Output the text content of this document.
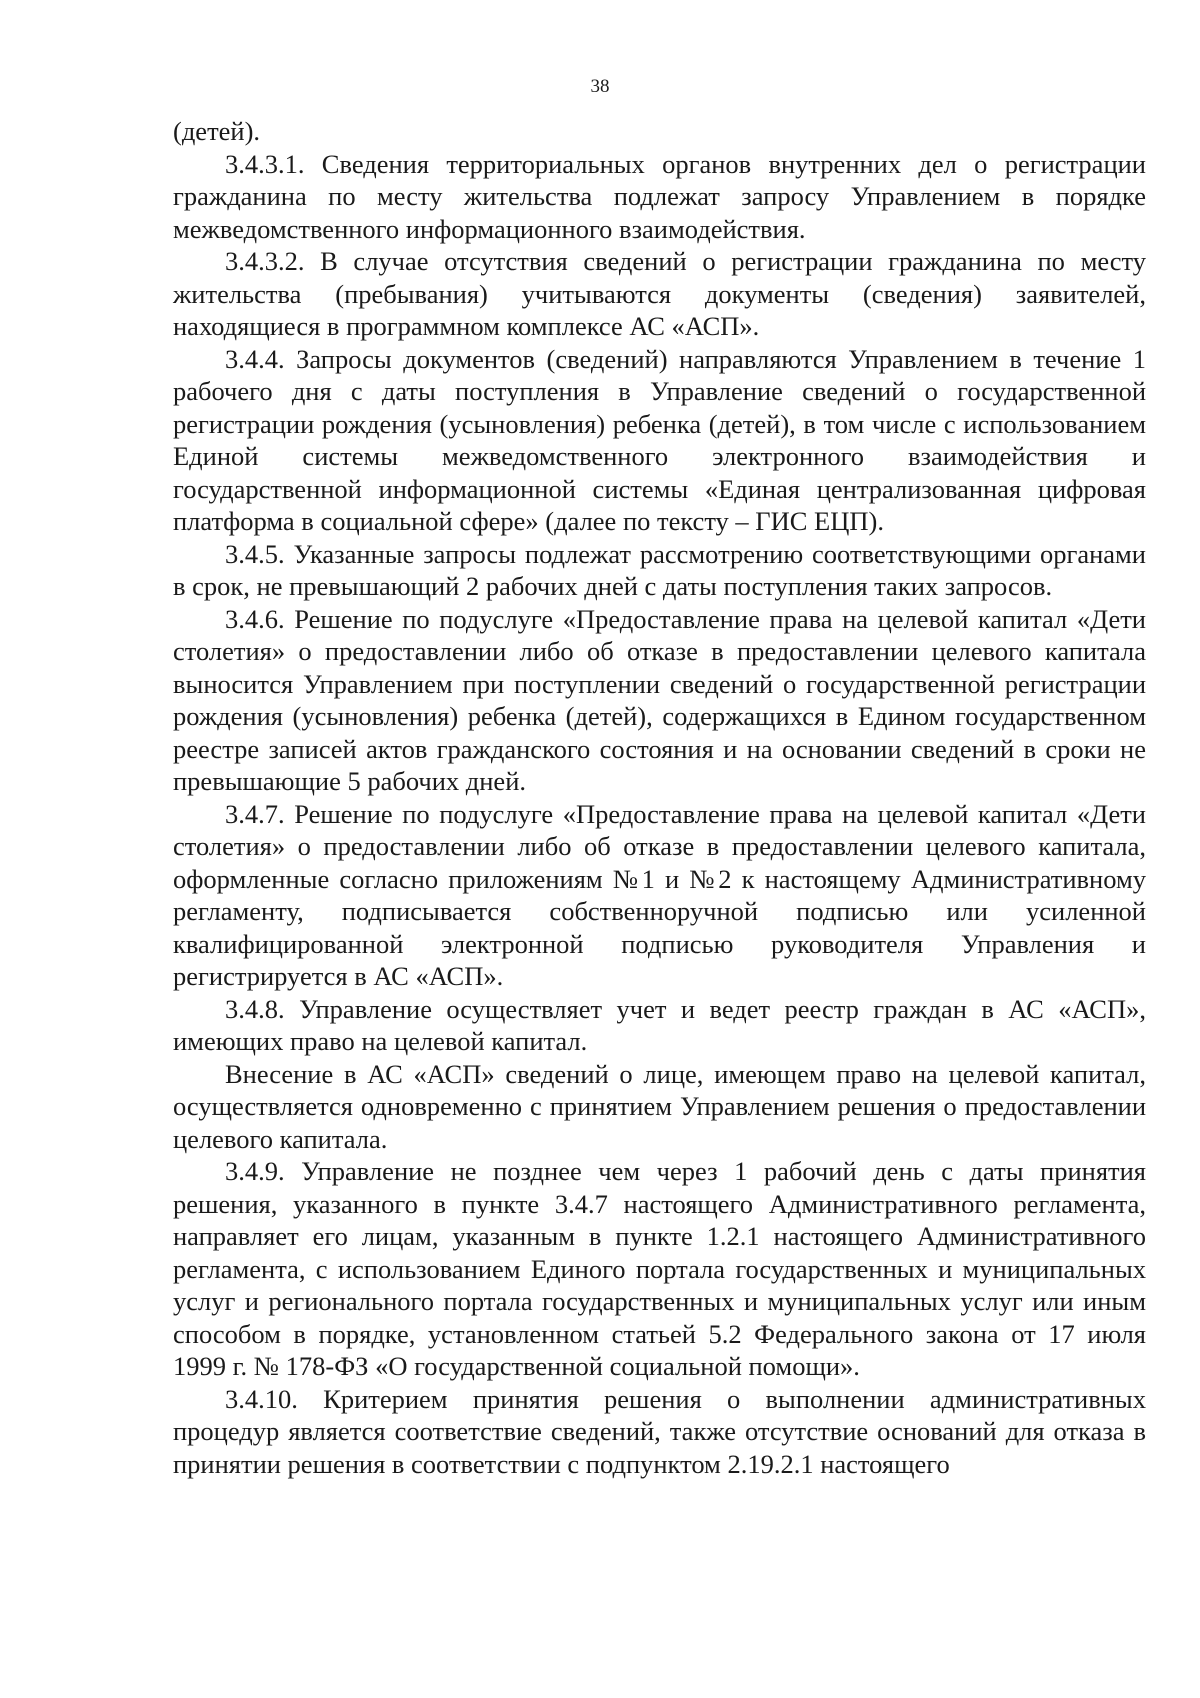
38

(детей).

3.4.3.1. Сведения территориальных органов внутренних дел о регистрации гражданина по месту жительства подлежат запросу Управлением в порядке межведомственного информационного взаимодействия.

3.4.3.2. В случае отсутствия сведений о регистрации гражданина по месту жительства (пребывания) учитываются документы (сведения) заявителей, находящиеся в программном комплексе АС «АСП».

3.4.4. Запросы документов (сведений) направляются Управлением в течение 1 рабочего дня с даты поступления в Управление сведений о государственной регистрации рождения (усыновления) ребенка (детей), в том числе с использованием Единой системы межведомственного электронного взаимодействия и государственной информационной системы «Единая централизованная цифровая платформа в социальной сфере» (далее по тексту – ГИС ЕЦП).

3.4.5. Указанные запросы подлежат рассмотрению соответствующими органами в срок, не превышающий 2 рабочих дней с даты поступления таких запросов.

3.4.6. Решение по подуслуге «Предоставление права на целевой капитал «Дети столетия» о предоставлении либо об отказе в предоставлении целевого капитала выносится Управлением при поступлении сведений о государственной регистрации рождения (усыновления) ребенка (детей), содержащихся в Едином государственном реестре записей актов гражданского состояния и на основании сведений в сроки не превышающие 5 рабочих дней.

3.4.7. Решение по подуслуге «Предоставление права на целевой капитал «Дети столетия» о предоставлении либо об отказе в предоставлении целевого капитала, оформленные согласно приложениям №1 и №2 к настоящему Административному регламенту, подписывается собственноручной подписью или усиленной квалифицированной электронной подписью руководителя Управления и регистрируется в АС «АСП».

3.4.8. Управление осуществляет учет и ведет реестр граждан в АС «АСП», имеющих право на целевой капитал.

Внесение в АС «АСП» сведений о лице, имеющем право на целевой капитал, осуществляется одновременно с принятием Управлением решения о предоставлении целевого капитала.

3.4.9. Управление не позднее чем через 1 рабочий день с даты принятия решения, указанного в пункте 3.4.7 настоящего Административного регламента, направляет его лицам, указанным в пункте 1.2.1 настоящего Административного регламента, с использованием Единого портала государственных и муниципальных услуг и регионального портала государственных и муниципальных услуг или иным способом в порядке, установленном статьей 5.2 Федерального закона от 17 июля 1999 г. № 178-ФЗ «О государственной социальной помощи».

3.4.10. Критерием принятия решения о выполнении административных процедур является соответствие сведений, также отсутствие оснований для отказа в принятии решения в соответствии с подпунктом 2.19.2.1 настоящего
